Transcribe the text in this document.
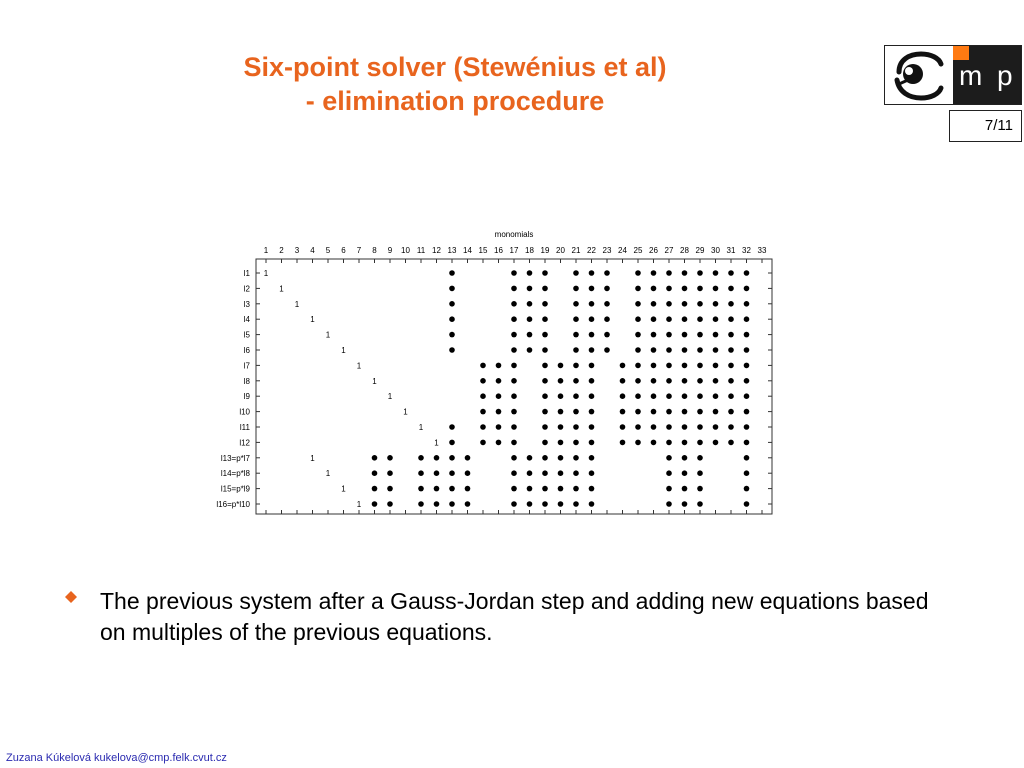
Six-point solver (Stewénius et al)
- elimination procedure
m p
7/11
monomials
1 2 3 4 5 6 7 8 9 10 11 12 13 14 15 16 17 18 19 20 21 22 23 24 25 26 27 28 29 30 31 32 33
l1
l2
l3
l4
l5
l6
l7
l8
l9
l10
l11
l12
l13=p*l7
l14=p*l8
l15=p*l9
l16=p*l10
1
1
1
1
1
1
1
1
1
1
1
1
1
1
1
1
The previous system after a Gauss-Jordan step and adding new equations based on multiples of the previous equations.
Zuzana Kúkelová kukelova@cmp.felk.cvut.cz
